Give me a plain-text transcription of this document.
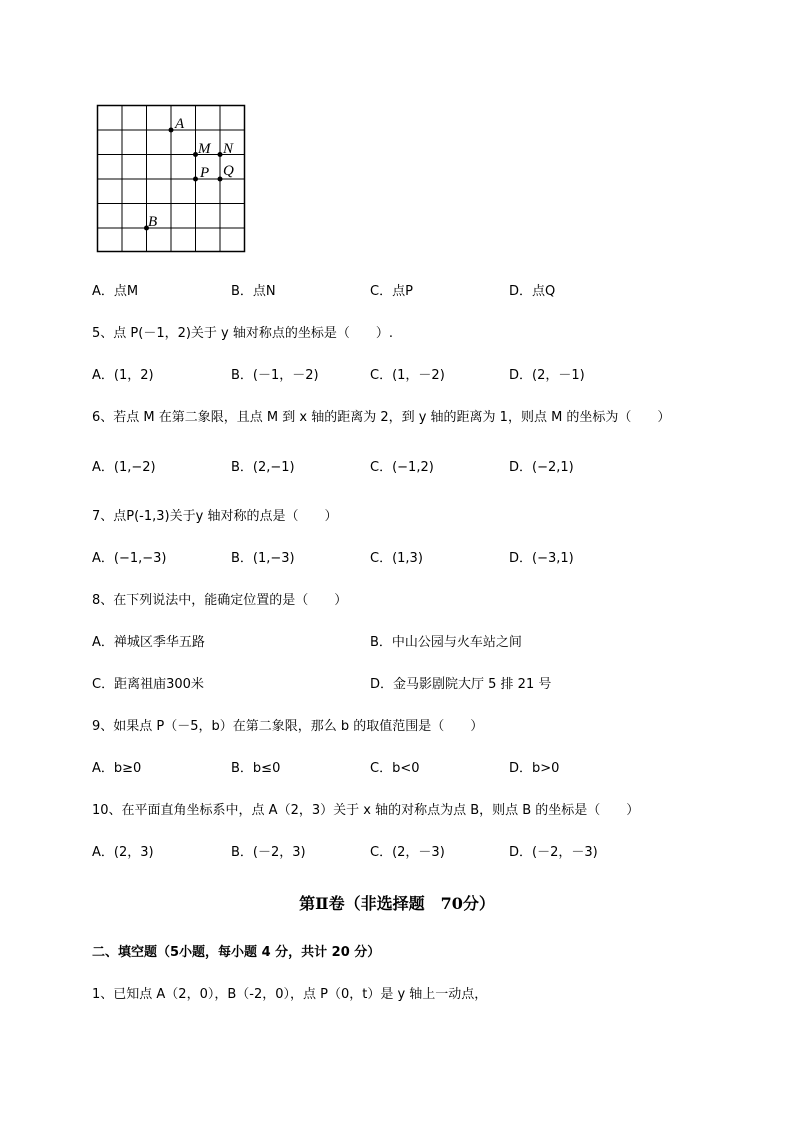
A
M N
P Q
B
A．点M	B．点N	C．点P	D．点Q
5、点 P(－1，2)关于 y 轴对称点的坐标是（　　）.
A．(1，2)	B．(－1，－2)	C．(1，－2)	D．(2，－1)
6、若点 M 在第二象限，且点 M 到 x 轴的距离为 2，到 y 轴的距离为 1，则点 M 的坐标为（　　）
A．(1,−2)	B．(2,−1)	C．(−1,2)	D．(−2,1)
7、点P(-1,3)关于y 轴对称的点是（　　）
A．(−1,−3)	B．(1,−3)	C．(1,3)	D．(−3,1)
8、在下列说法中，能确定位置的是（　　）
A．禅城区季华五路	B．中山公园与火车站之间
C．距离祖庙300米	D．金马影剧院大厅 5 排 21 号
9、如果点 P（－5，b）在第二象限，那么 b 的取值范围是（　　）
A．b≥0	B．b≤0	C．b<0	D．b>0
10、在平面直角坐标系中，点 A（2，3）关于 x 轴的对称点为点 B，则点 B 的坐标是（　　）
A．(2，3)	B．(－2，3)	C．(2，－3)	D．(－2，－3)
第Ⅱ卷（非选择题　70分）
二、填空题（5小题，每小题 4 分，共计 20 分）
1、已知点 A（2，0），B（-2，0），点 P（0，t）是 y 轴上一动点，
